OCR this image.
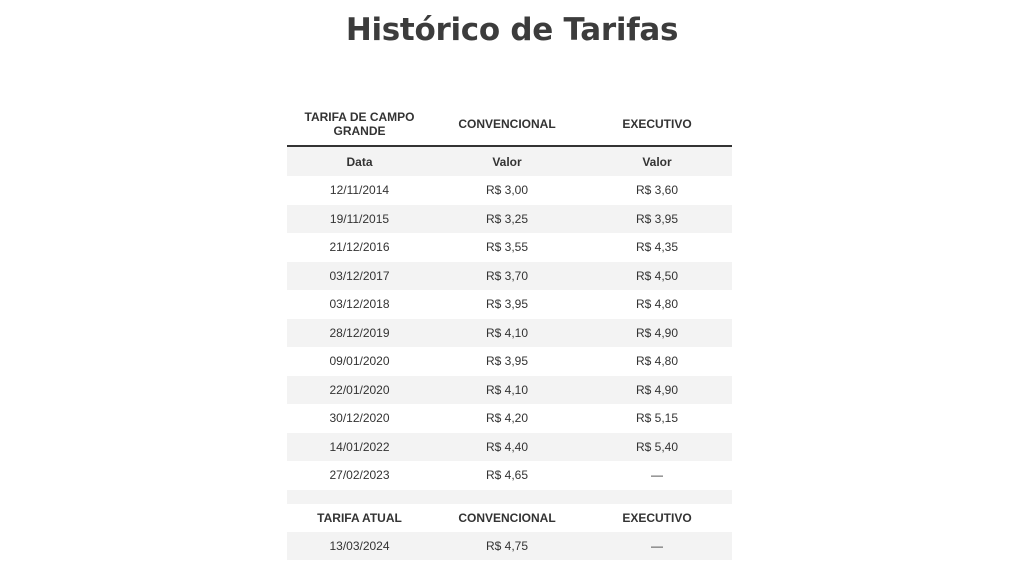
Histórico de Tarifas
TARIFA DE CAMPO GRANDE	CONVENCIONAL	EXECUTIVO
Data	Valor	Valor
12/11/2014	R$ 3,00	R$ 3,60
19/11/2015	R$ 3,25	R$ 3,95
21/12/2016	R$ 3,55	R$ 4,35
03/12/2017	R$ 3,70	R$ 4,50
03/12/2018	R$ 3,95	R$ 4,80
28/12/2019	R$ 4,10	R$ 4,90
09/01/2020	R$ 3,95	R$ 4,80
22/01/2020	R$ 4,10	R$ 4,90
30/12/2020	R$ 4,20	R$ 5,15
14/01/2022	R$ 4,40	R$ 5,40
27/02/2023	R$ 4,65	—

TARIFA ATUAL	CONVENCIONAL	EXECUTIVO
13/03/2024	R$ 4,75	—
